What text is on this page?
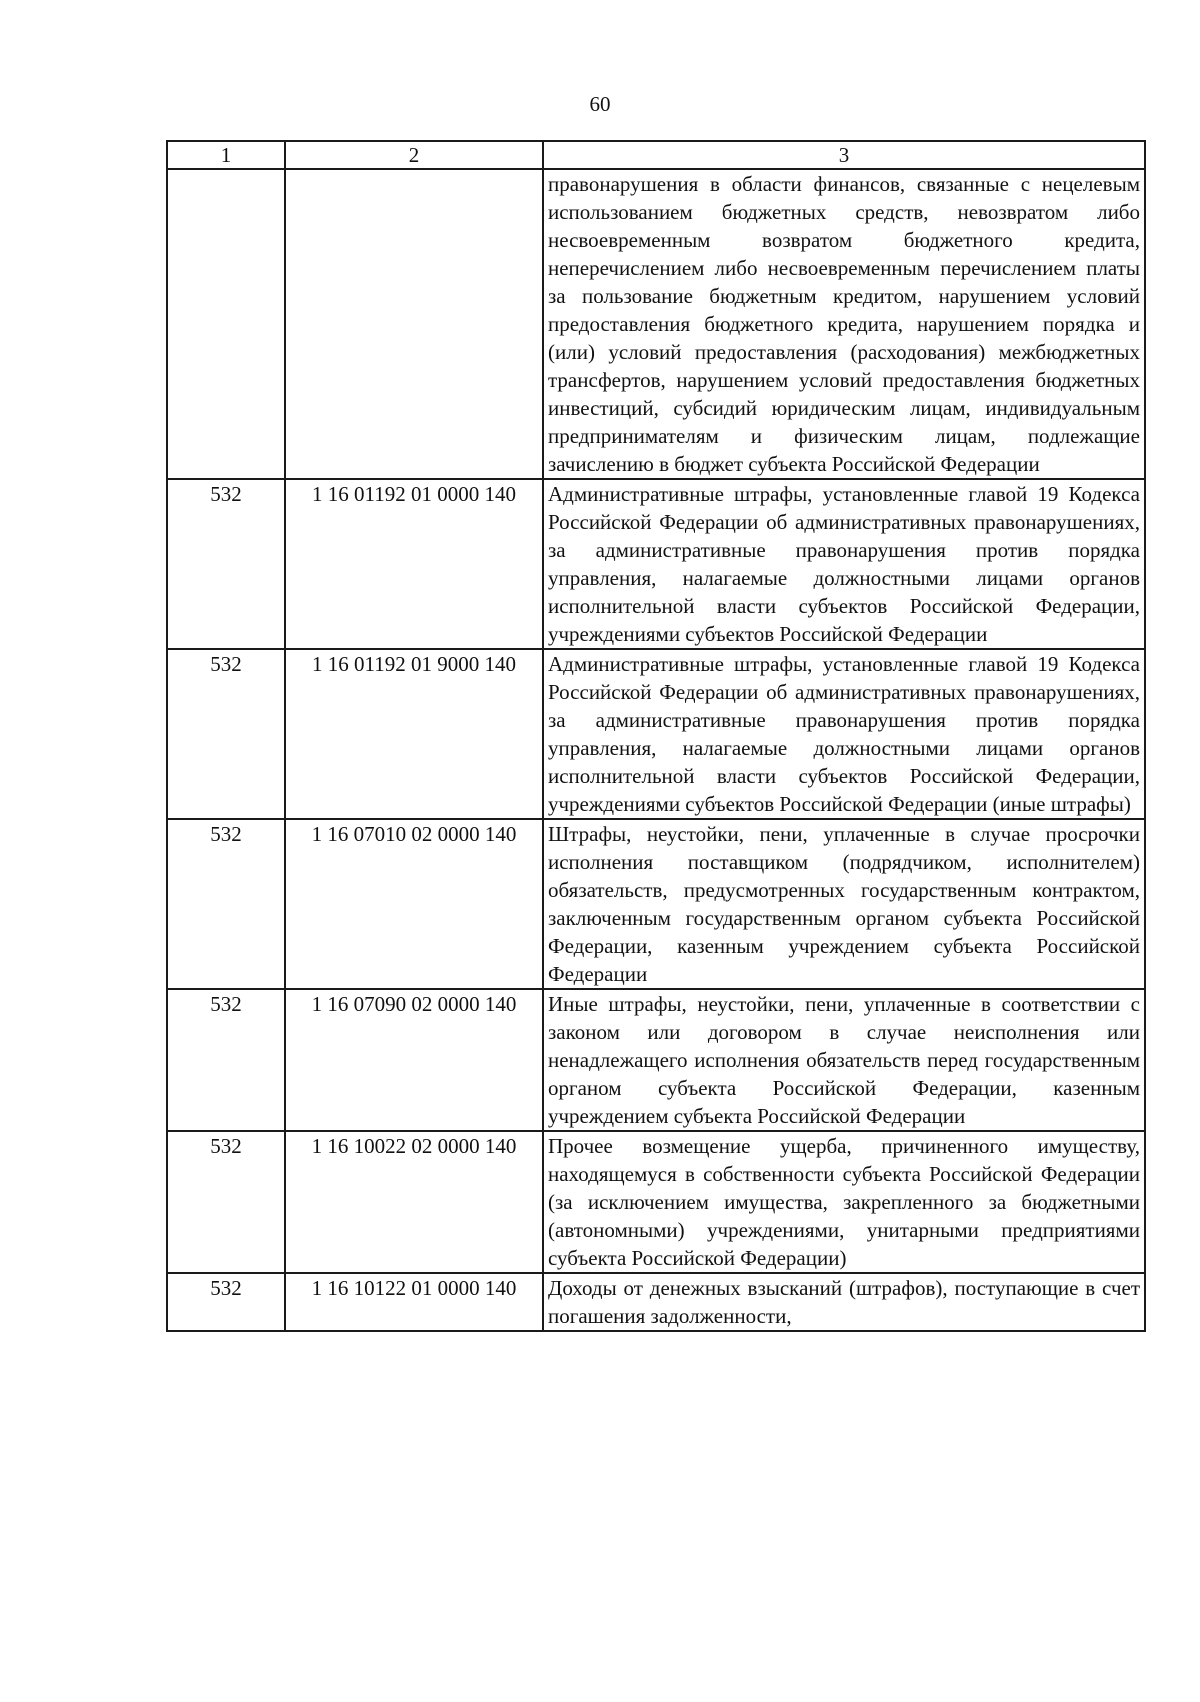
60
1	2	3
		правонарушения в области финансов, связанные с нецелевым использованием бюджетных средств, невозвратом либо несвоевременным возвратом бюджетного кредита, неперечислением либо несвоевременным перечислением платы за пользование бюджетным кредитом, нарушением условий предоставления бюджетного кредита, нарушением порядка и (или) условий предоставления (расходования) межбюджетных трансфертов, нарушением условий предоставления бюджетных инвестиций, субсидий юридическим лицам, индивидуальным предпринимателям и физическим лицам, подлежащие зачислению в бюджет субъекта Российской Федерации
532	1 16 01192 01 0000 140	Административные штрафы, установленные главой 19 Кодекса Российской Федерации об административных правонарушениях, за административные правонарушения против порядка управления, налагаемые должностными лицами органов исполнительной власти субъектов Российской Федерации, учреждениями субъектов Российской Федерации
532	1 16 01192 01 9000 140	Административные штрафы, установленные главой 19 Кодекса Российской Федерации об административных правонарушениях, за административные правонарушения против порядка управления, налагаемые должностными лицами органов исполнительной власти субъектов Российской Федерации, учреждениями субъектов Российской Федерации (иные штрафы)
532	1 16 07010 02 0000 140	Штрафы, неустойки, пени, уплаченные в случае просрочки исполнения поставщиком (подрядчиком, исполнителем) обязательств, предусмотренных государственным контрактом, заключенным государственным органом субъекта Российской Федерации, казенным учреждением субъекта Российской Федерации
532	1 16 07090 02 0000 140	Иные штрафы, неустойки, пени, уплаченные в соответствии с законом или договором в случае неисполнения или ненадлежащего исполнения обязательств перед государственным органом субъекта Российской Федерации, казенным учреждением субъекта Российской Федерации
532	1 16 10022 02 0000 140	Прочее возмещение ущерба, причиненного имуществу, находящемуся в собственности субъекта Российской Федерации (за исключением имущества, закрепленного за бюджетными (автономными) учреждениями, унитарными предприятиями субъекта Российской Федерации)
532	1 16 10122 01 0000 140	Доходы от денежных взысканий (штрафов), поступающие в счет погашения задолженности,
